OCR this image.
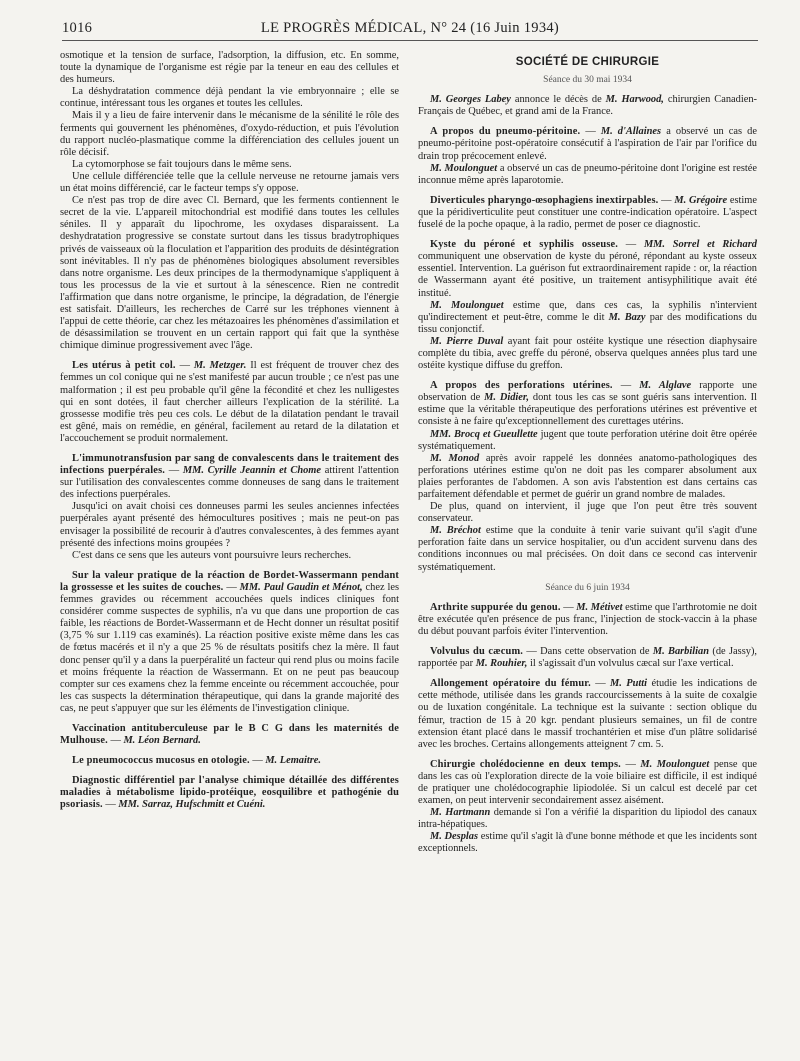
1016	LE PROGRÈS MÉDICAL, N° 24 (16 Juin 1934)

osmotique et la tension de surface, l'adsorption, la diffusion, etc. En somme, toute la dynamique de l'organisme est régie par la teneur en eau des cellules et des humeurs.

La déshydratation commence déjà pendant la vie embryonnaire ; elle se continue, intéressant tous les organes et toutes les cellules.

Mais il y a lieu de faire intervenir dans le mécanisme de la sénilité le rôle des ferments qui gouvernent les phénomènes, d'oxydo-réduction, et puis l'évolution du rapport nucléo-plasmatique comme la différenciation des cellules jouent un rôle décisif.

La cytomorphose se fait toujours dans le même sens.

Une cellule différenciée telle que la cellule nerveuse ne retourne jamais vers un état moins différencié, car le facteur temps s'y oppose.

Ce n'est pas trop de dire avec Cl. Bernard, que les ferments contiennent le secret de la vie. L'appareil mitochondrial est modifié dans toutes les cellules séniles. Il y apparaît du lipochrome, les oxydases disparaissent. La deshydratation progressive se constate surtout dans les tissus bradytrophiques privés de vaisseaux où la floculation et l'apparition des produits de désintégration sont inévitables. Il n'y pas de phénomènes biologiques absolument reversibles dans notre organisme. Les deux principes de la thermodynamique s'appliquent à tous les processus de la vie et surtout à la sénescence. Rien ne contredit l'affirmation que dans notre organisme, le principe, la dégradation, de l'énergie est satisfait. D'ailleurs, les recherches de Carré sur les tréphones viennent à l'appui de cette théorie, car chez les métazoaires les phénomènes d'assimilation et de désassimilation se trouvent en un certain rapport qui fait que la synthèse chimique diminue progressivement avec l'âge.

Les utérus à petit col. — M. Metzger. Il est fréquent de trouver chez des femmes un col conique qui ne s'est manifesté par aucun trouble ; ce n'est pas une malformation ; il est peu probable qu'il gêne la fécondité et chez les nulligestes qui en sont dotées, il faut chercher ailleurs l'explication de la stérilité. La grossesse modifie très peu ces cols. Le début de la dilatation pendant le travail est gêné, mais on remédie, en général, facilement au retard de la dilatation et l'accouchement se produit normalement.

L'immunotransfusion par sang de convalescents dans le traitement des infections puerpérales. — MM. Cyrille Jeannin et Chome attirent l'attention sur l'utilisation des convalescentes comme donneuses de sang dans le traitement des infections puerpérales.

Jusqu'ici on avait choisi ces donneuses parmi les seules anciennes infectées puerpérales ayant présenté des hémocultures positives ; mais ne peut-on pas envisager la possibilité de recourir à d'autres convalescentes, à des femmes ayant présenté des infections moins groupées ?

C'est dans ce sens que les auteurs vont poursuivre leurs recherches.

Sur la valeur pratique de la réaction de Bordet-Wassermann pendant la grossesse et les suites de couches. — MM. Paul Gaudin et Ménot, chez les femmes gravides ou récemment accouchées quels indices cliniques font considérer comme suspectes de syphilis, n'a vu que dans une proportion de cas faible, les réactions de Bordet-Wassermann et de Hecht donner un résultat positif (3,75 % sur 1.119 cas examinés). La réaction positive existe même dans les cas de fœtus macérés et il n'y a que 25 % de résultats positifs chez la mère. Il faut donc penser qu'il y a dans la puerpéralité un facteur qui rend plus ou moins facile et moins fréquente la réaction de Wassermann. Et on ne peut pas beaucoup compter sur ces examens chez la femme enceinte ou récemment accouchée, pour les cas suspects la détermination thérapeutique, qui dans la grande majorité des cas, ne peut s'appuyer que sur les éléments de l'investigation clinique.

Vaccination antituberculeuse par le B C G dans les maternités de Mulhouse. — M. Léon Bernard.

Le pneumococcus mucosus en otologie. — M. Lemaitre.

Diagnostic différentiel par l'analyse chimique détaillée des différentes maladies à métabolisme lipido-protéique, eosquilibre et pathogénie du psoriasis. — MM. Sarraz, Hufschmitt et Cuéni.

SOCIÉTÉ DE CHIRURGIE
Séance du 30 mai 1934

M. Georges Labey annonce le décès de M. Harwood, chirurgien Canadien-Français de Québec, et grand ami de la France.

A propos du pneumo-péritoine. — M. d'Allaines a observé un cas de pneumo-péritoine post-opératoire consécutif à l'aspiration de l'air par l'orifice du drain trop précocement enlevé.

M. Moulonguet a observé un cas de pneumo-péritoine dont l'origine est restée inconnue même après laparotomie.

Diverticules pharyngo-œsophagiens inextirpables. — M. Grégoire estime que la péridiverticulite peut constituer une contre-indication opératoire. L'aspect fuselé de la poche opaque, à la radio, permet de poser ce diagnostic.

Kyste du péroné et syphilis osseuse. — MM. Sorrel et Richard communiquent une observation de kyste du péroné, répondant au kyste osseux essentiel. Intervention. La guérison fut extraordinairement rapide : or, la réaction de Wassermann ayant été positive, un traitement antisyphilitique avait été institué.

M. Moulonguet estime que, dans ces cas, la syphilis n'intervient qu'indirectement et peut-être, comme le dit M. Bazy par des modifications du tissu conjonctif.

M. Pierre Duval ayant fait pour ostéite kystique une résection diaphysaire complète du tibia, avec greffe du péroné, observa quelques années plus tard une ostéite kystique diffuse du greffon.

A propos des perforations utérines. — M. Alglave rapporte une observation de M. Didier, dont tous les cas se sont guéris sans intervention. Il estime que la véritable thérapeutique des perforations utérines est préventive et consiste à ne faire qu'exceptionnellement des curettages utérins.

MM. Brocq et Gueullette jugent que toute perforation utérine doit être opérée systématiquement.

M. Monod après avoir rappelé les données anatomo-pathologiques des perforations utérines estime qu'on ne doit pas les comparer absolument aux plaies perforantes de l'abdomen. A son avis l'abstention est dans certains cas parfaitement défendable et permet de guérir un grand nombre de malades.

De plus, quand on intervient, il juge que l'on peut être très souvent conservateur.

M. Bréchot estime que la conduite à tenir varie suivant qu'il s'agit d'une perforation faite dans un service hospitalier, ou d'un accident survenu dans des conditions inconnues ou mal précisées. On doit dans ce second cas intervenir systématiquement.

Séance du 6 juin 1934

Arthrite suppurée du genou. — M. Métivet estime que l'arthrotomie ne doit être exécutée qu'en présence de pus franc, l'injection de stock-vaccin à la phase du début pouvant parfois éviter l'intervention.

Volvulus du cæcum. — Dans cette observation de M. Barbilian (de Jassy), rapportée par M. Rouhier, il s'agissait d'un volvulus cæcal sur l'axe vertical.

Allongement opératoire du fémur. — M. Putti étudie les indications de cette méthode, utilisée dans les grands raccourcissements à la suite de coxalgie ou de luxation congénitale. La technique est la suivante : section oblique du fémur, traction de 15 à 20 kgr. pendant plusieurs semaines, un fil de contre extension étant placé dans le massif trochantérien et mise d'un plâtre solidarisé avec les broches. Certains allongements atteignent 7 cm. 5.

Chirurgie cholédocienne en deux temps. — M. Moulonguet pense que dans les cas où l'exploration directe de la voie biliaire est difficile, il est indiqué de pratiquer une cholédocographie lipiodolée. Si un calcul est decelé par cet examen, on peut intervenir secondairement assez aisément.

M. Hartmann demande si l'on a vérifié la disparition du lipiodol des canaux intra-hépatiques.

M. Desplas estime qu'il s'agit là d'une bonne méthode et que les incidents sont exceptionnels.
